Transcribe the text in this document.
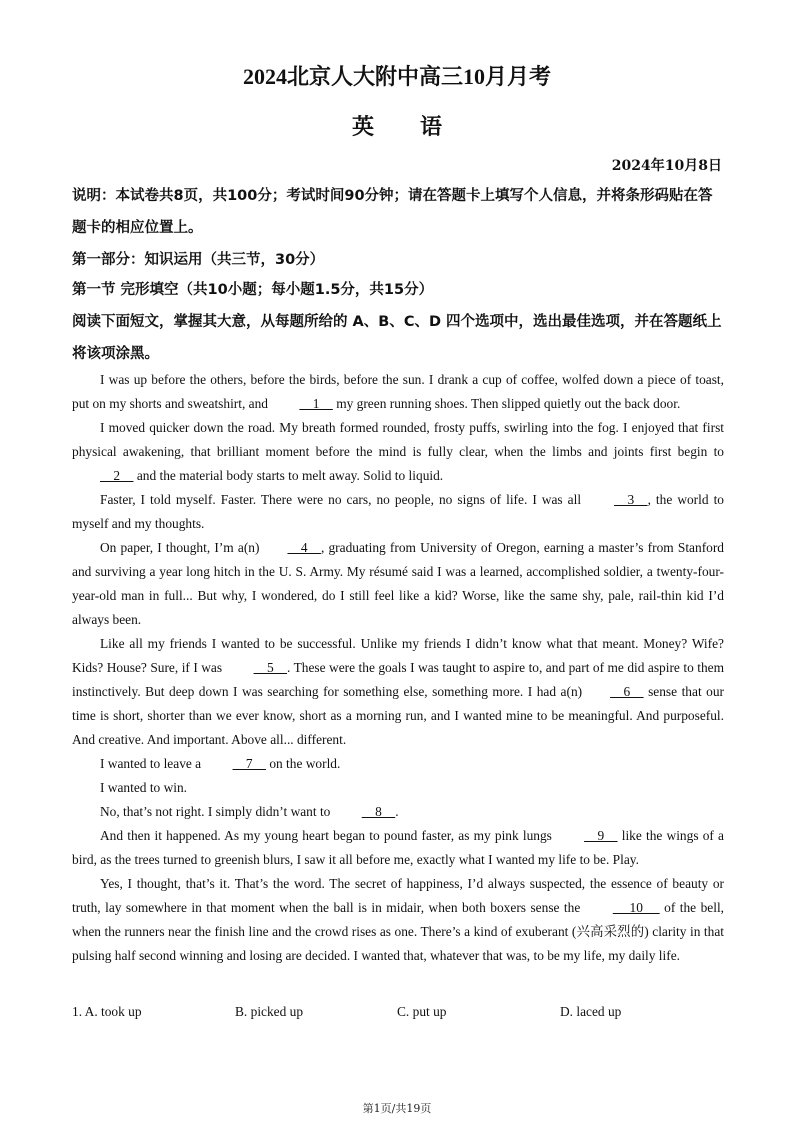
2024北京人大附中高三10月月考
英语
2024年10月8日
说明：本试卷共8页，共100分；考试时间90分钟；请在答题卡上填写个人信息，并将条形码贴在答题卡的相应位置上。
第一部分：知识运用（共三节，30分）
第一节 完形填空（共10小题；每小题1.5分，共15分）
阅读下面短文，掌握其大意，从每题所给的 A、B、C、D 四个选项中，选出最佳选项，并在答题纸上将该项涂黑。

I was up before the others, before the birds, before the sun. I drank a cup of coffee, wolfed down a piece of toast, put on my shorts and sweatshirt, and     1     my green running shoes. Then slipped quietly out the back door.

I moved quicker down the road. My breath formed rounded, frosty puffs, swirling into the fog. I enjoyed that first physical awakening, that brilliant moment before the mind is fully clear, when the limbs and joints first begin to     2     and the material body starts to melt away. Solid to liquid.

Faster, I told myself. Faster. There were no cars, no people, no signs of life. I was all     3    , the world to myself and my thoughts.

On paper, I thought, I’m a(n)    4    , graduating from University of Oregon, earning a master’s from Stanford and surviving a year long hitch in the U. S. Army. My résumé said I was a learned, accomplished soldier, a twenty-four-year-old man in full... But why, I wondered, do I still feel like a kid? Worse, like the same shy, pale, rail-thin kid I’d always been.

Like all my friends I wanted to be successful. Unlike my friends I didn’t know what that meant. Money? Wife? Kids? House? Sure, if I was     5    . These were the goals I was taught to aspire to, and part of me did aspire to them instinctively. But deep down I was searching for something else, something more. I had a(n)    6     sense that our time is short, shorter than we ever know, short as a morning run, and I wanted mine to be meaningful. And purposeful. And creative. And important. Above all... different.

I wanted to leave a     7     on the world.

I wanted to win.

No, that’s not right. I simply didn’t want to     8    .

And then it happened. As my young heart began to pound faster, as my pink lungs     9     like the wings of a bird, as the trees turned to greenish blurs, I saw it all before me, exactly what I wanted my life to be. Play.

Yes, I thought, that’s it. That’s the word. The secret of happiness, I’d always suspected, the essence of beauty or truth, lay somewhere in that moment when the ball is in midair, when both boxers sense the      10      of the bell, when the runners near the finish line and the crowd rises as one. There’s a kind of exuberant (兴高采烈的) clarity in that pulsing half second winning and losing are decided. I wanted that, whatever that was, to be my life, my daily life.

1. A. took up	B. picked up	C. put up	D. laced up
第1页/共19页
